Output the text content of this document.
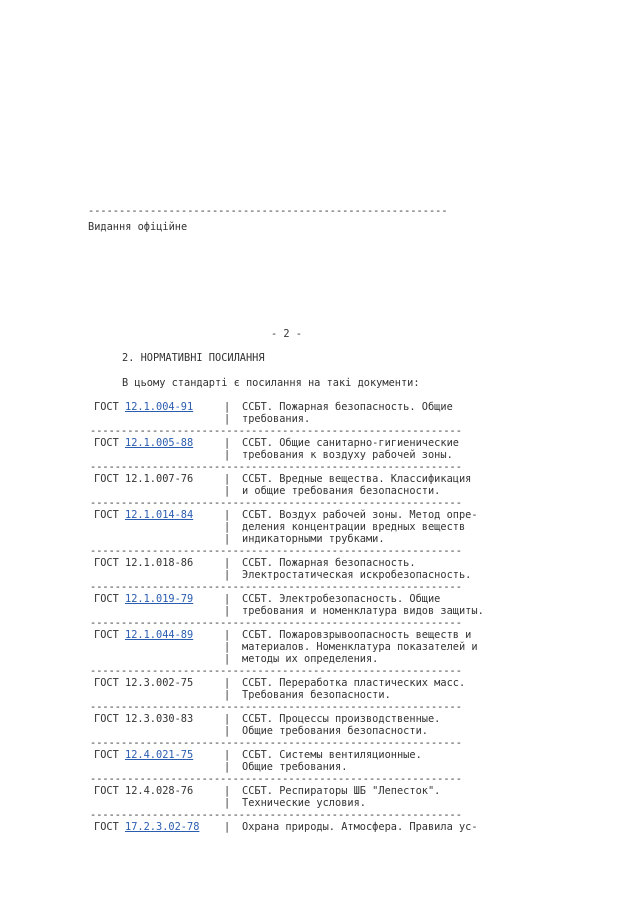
----------------------------------------------------------
Видання офіційне
- 2 -
2. НОРМАТИВНІ ПОСИЛАННЯ
В цьому стандарті є посилання на такі документи:
ГОСТ 12.1.004-91	|	ССБТ. Пожарная безопасность. Общие
|	требования.
------------------------------------------------------------
ГОСТ 12.1.005-88	|	ССБТ. Общие санитарно-гигиенические
|	требования к воздуху рабочей зоны.
------------------------------------------------------------
ГОСТ 12.1.007-76	|	ССБТ. Вредные вещества. Классификация
|	и общие требования безопасности.
------------------------------------------------------------
ГОСТ 12.1.014-84	|	ССБТ. Воздух рабочей зоны. Метод опре-
|	деления концентрации вредных веществ
|	индикаторными трубками.
------------------------------------------------------------
ГОСТ 12.1.018-86	|	ССБТ. Пожарная безопасность.
|	Электростатическая искробезопасность.
------------------------------------------------------------
ГОСТ 12.1.019-79	|	ССБТ. Электробезопасность. Общие
|	требования и номенклатура видов защиты.
------------------------------------------------------------
ГОСТ 12.1.044-89	|	ССБТ. Пожаровзрывоопасность веществ и
|	материалов. Номенклатура показателей и
|	методы их определения.
------------------------------------------------------------
ГОСТ 12.3.002-75	|	ССБТ. Переработка пластических масс.
|	Требования безопасности.
------------------------------------------------------------
ГОСТ 12.3.030-83	|	ССБТ. Процессы производственные.
|	Общие требования безопасности.
------------------------------------------------------------
ГОСТ 12.4.021-75	|	ССБТ. Системы вентиляционные.
|	Общие требования.
------------------------------------------------------------
ГОСТ 12.4.028-76	|	ССБТ. Респираторы ШБ "Лепесток".
|	Технические условия.
------------------------------------------------------------
ГОСТ 17.2.3.02-78	|	Охрана природы. Атмосфера. Правила ус-
